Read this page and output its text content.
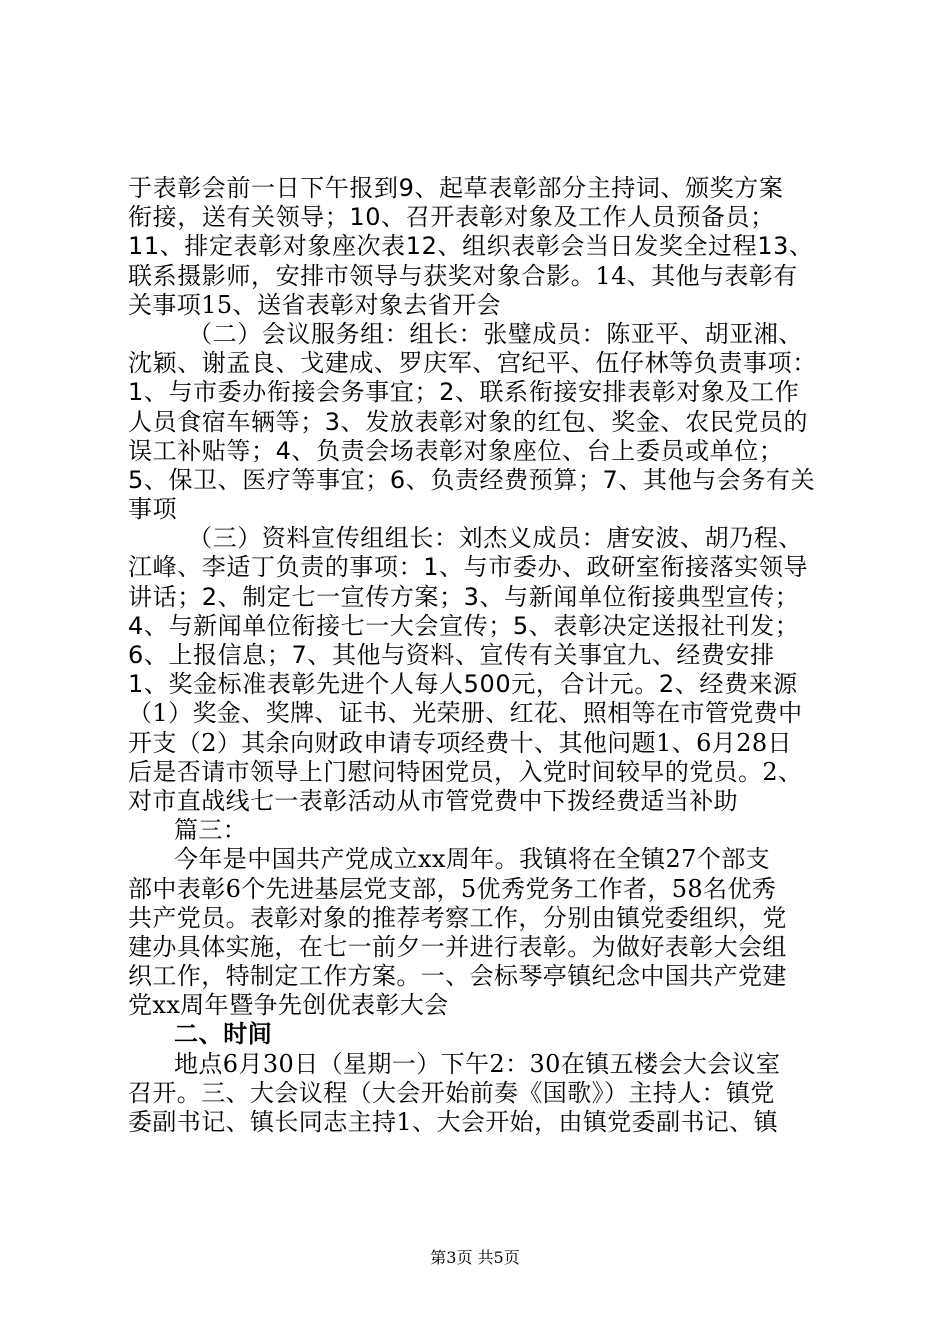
于表彰会前一日下午报到9、起草表彰部分主持词、颁奖方案
衔接，送有关领导；10、召开表彰对象及工作人员预备员；
11、排定表彰对象座次表12、组织表彰会当日发奖全过程13、
联系摄影师，安排市领导与获奖对象合影。14、其他与表彰有
关事项15、送省表彰对象去省开会
（二）会议服务组：组长：张璧成员：陈亚平、胡亚湘、
沈颖、谢孟良、戈建成、罗庆军、宫纪平、伍仔林等负责事项：
1、与市委办衔接会务事宜；2、联系衔接安排表彰对象及工作
人员食宿车辆等；3、发放表彰对象的红包、奖金、农民党员的
误工补贴等；4、负责会场表彰对象座位、台上委员或单位；
5、保卫、医疗等事宜；6、负责经费预算；7、其他与会务有关
事项
（三）资料宣传组组长：刘杰义成员：唐安波、胡乃程、
江峰、李适丁负责的事项：1、与市委办、政研室衔接落实领导
讲话；2、制定七一宣传方案；3、与新闻单位衔接典型宣传；
4、与新闻单位衔接七一大会宣传；5、表彰决定送报社刊发；
6、上报信息；7、其他与资料、宣传有关事宜九、经费安排
1、奖金标准表彰先进个人每人500元，合计元。2、经费来源
（1）奖金、奖牌、证书、光荣册、红花、照相等在市管党费中
开支（2）其余向财政申请专项经费十、其他问题1、6月28日
后是否请市领导上门慰问特困党员，入党时间较早的党员。2、
对市直战线七一表彰活动从市管党费中下拨经费适当补助
篇三：
今年是中国共产党成立xx周年。我镇将在全镇27个部支
部中表彰6个先进基层党支部，5优秀党务工作者，58名优秀
共产党员。表彰对象的推荐考察工作，分别由镇党委组织，党
建办具体实施，在七一前夕一并进行表彰。为做好表彰大会组
织工作，特制定工作方案。一、会标琴亭镇纪念中国共产党建
党xx周年暨争先创优表彰大会
二、时间
地点6月30日（星期一）下午2：30在镇五楼会大会议室
召开。三、大会议程（大会开始前奏《国歌》）主持人：镇党
委副书记、镇长同志主持1、大会开始，由镇党委副书记、镇
第3页 共5页
